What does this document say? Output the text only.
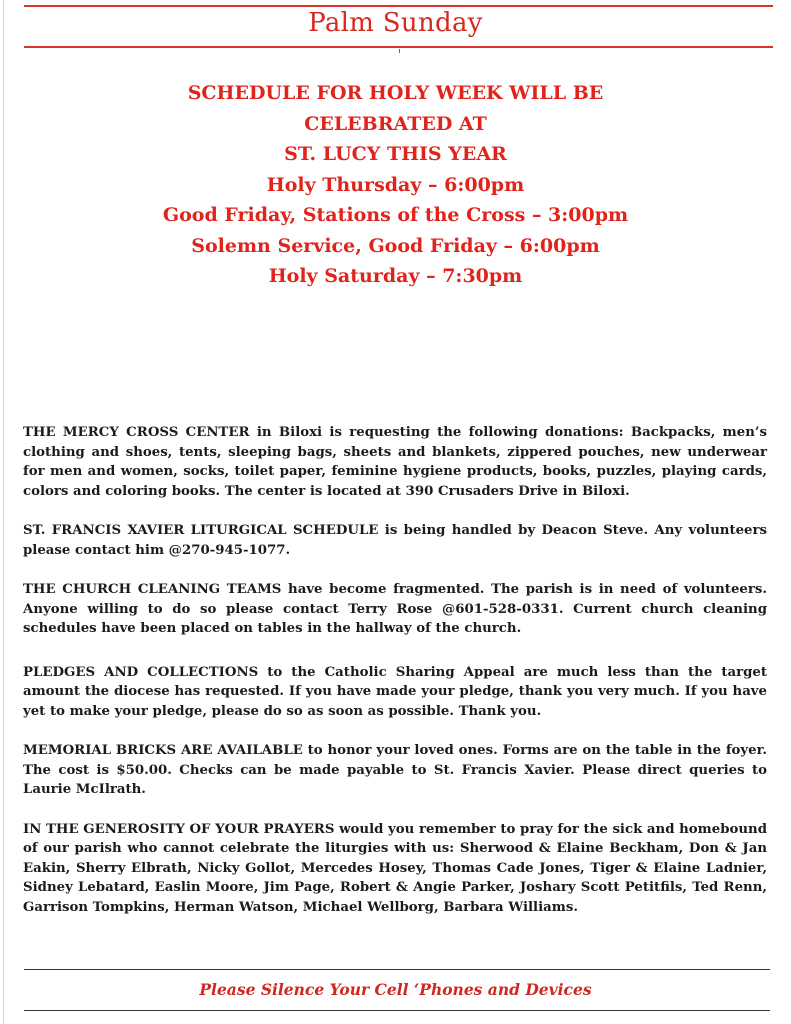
Palm Sunday
SCHEDULE FOR HOLY WEEK WILL BE
CELEBRATED AT
ST. LUCY THIS YEAR
Holy Thursday – 6:00pm
Good Friday, Stations of the Cross – 3:00pm
Solemn Service, Good Friday – 6:00pm
Holy Saturday – 7:30pm

THE MERCY CROSS CENTER in Biloxi is requesting the following donations: Backpacks, men’s clothing and shoes, tents, sleeping bags, sheets and blankets, zippered pouches, new underwear for men and women, socks, toilet paper, feminine hygiene products, books, puzzles, playing cards, colors and coloring books. The center is located at 390 Crusaders Drive in Biloxi.

ST. FRANCIS XAVIER LITURGICAL SCHEDULE is being handled by Deacon Steve. Any volunteers please contact him @270-945-1077.

THE CHURCH CLEANING TEAMS have become fragmented. The parish is in need of volunteers. Anyone willing to do so please contact Terry Rose @601-528-0331. Current church cleaning schedules have been placed on tables in the hallway of the church.

PLEDGES AND COLLECTIONS to the Catholic Sharing Appeal are much less than the target amount the diocese has requested. If you have made your pledge, thank you very much. If you have yet to make your pledge, please do so as soon as possible. Thank you.

MEMORIAL BRICKS ARE AVAILABLE to honor your loved ones. Forms are on the table in the foyer. The cost is $50.00. Checks can be made payable to St. Francis Xavier. Please direct queries to Laurie McIlrath.

IN THE GENEROSITY OF YOUR PRAYERS would you remember to pray for the sick and homebound of our parish who cannot celebrate the liturgies with us: Sherwood & Elaine Beckham, Don & Jan Eakin, Sherry Elbrath, Nicky Gollot, Mercedes Hosey, Thomas Cade Jones, Tiger & Elaine Ladnier, Sidney Lebatard, Easlin Moore, Jim Page, Robert & Angie Parker, Joshary Scott Petitfils, Ted Renn, Garrison Tompkins, Herman Watson, Michael Wellborg, Barbara Williams.

Please Silence Your Cell ‘Phones and Devices
